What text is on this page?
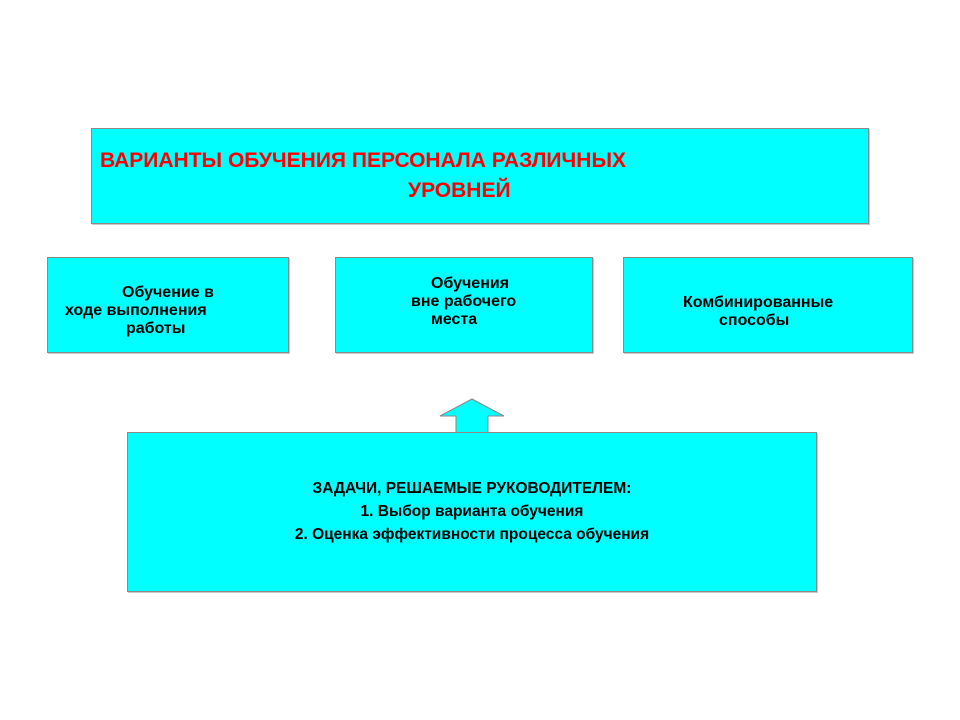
ВАРИАНТЫ ОБУЧЕНИЯ ПЕРСОНАЛА РАЗЛИЧНЫХ
УРОВНЕЙ
Обучение в
ходе выполнения
работы
Обучения
вне рабочего
места
Комбинированные
способы
ЗАДАЧИ, РЕШАЕМЫЕ РУКОВОДИТЕЛЕМ:
1. Выбор варианта обучения
2. Оценка эффективности процесса обучения
